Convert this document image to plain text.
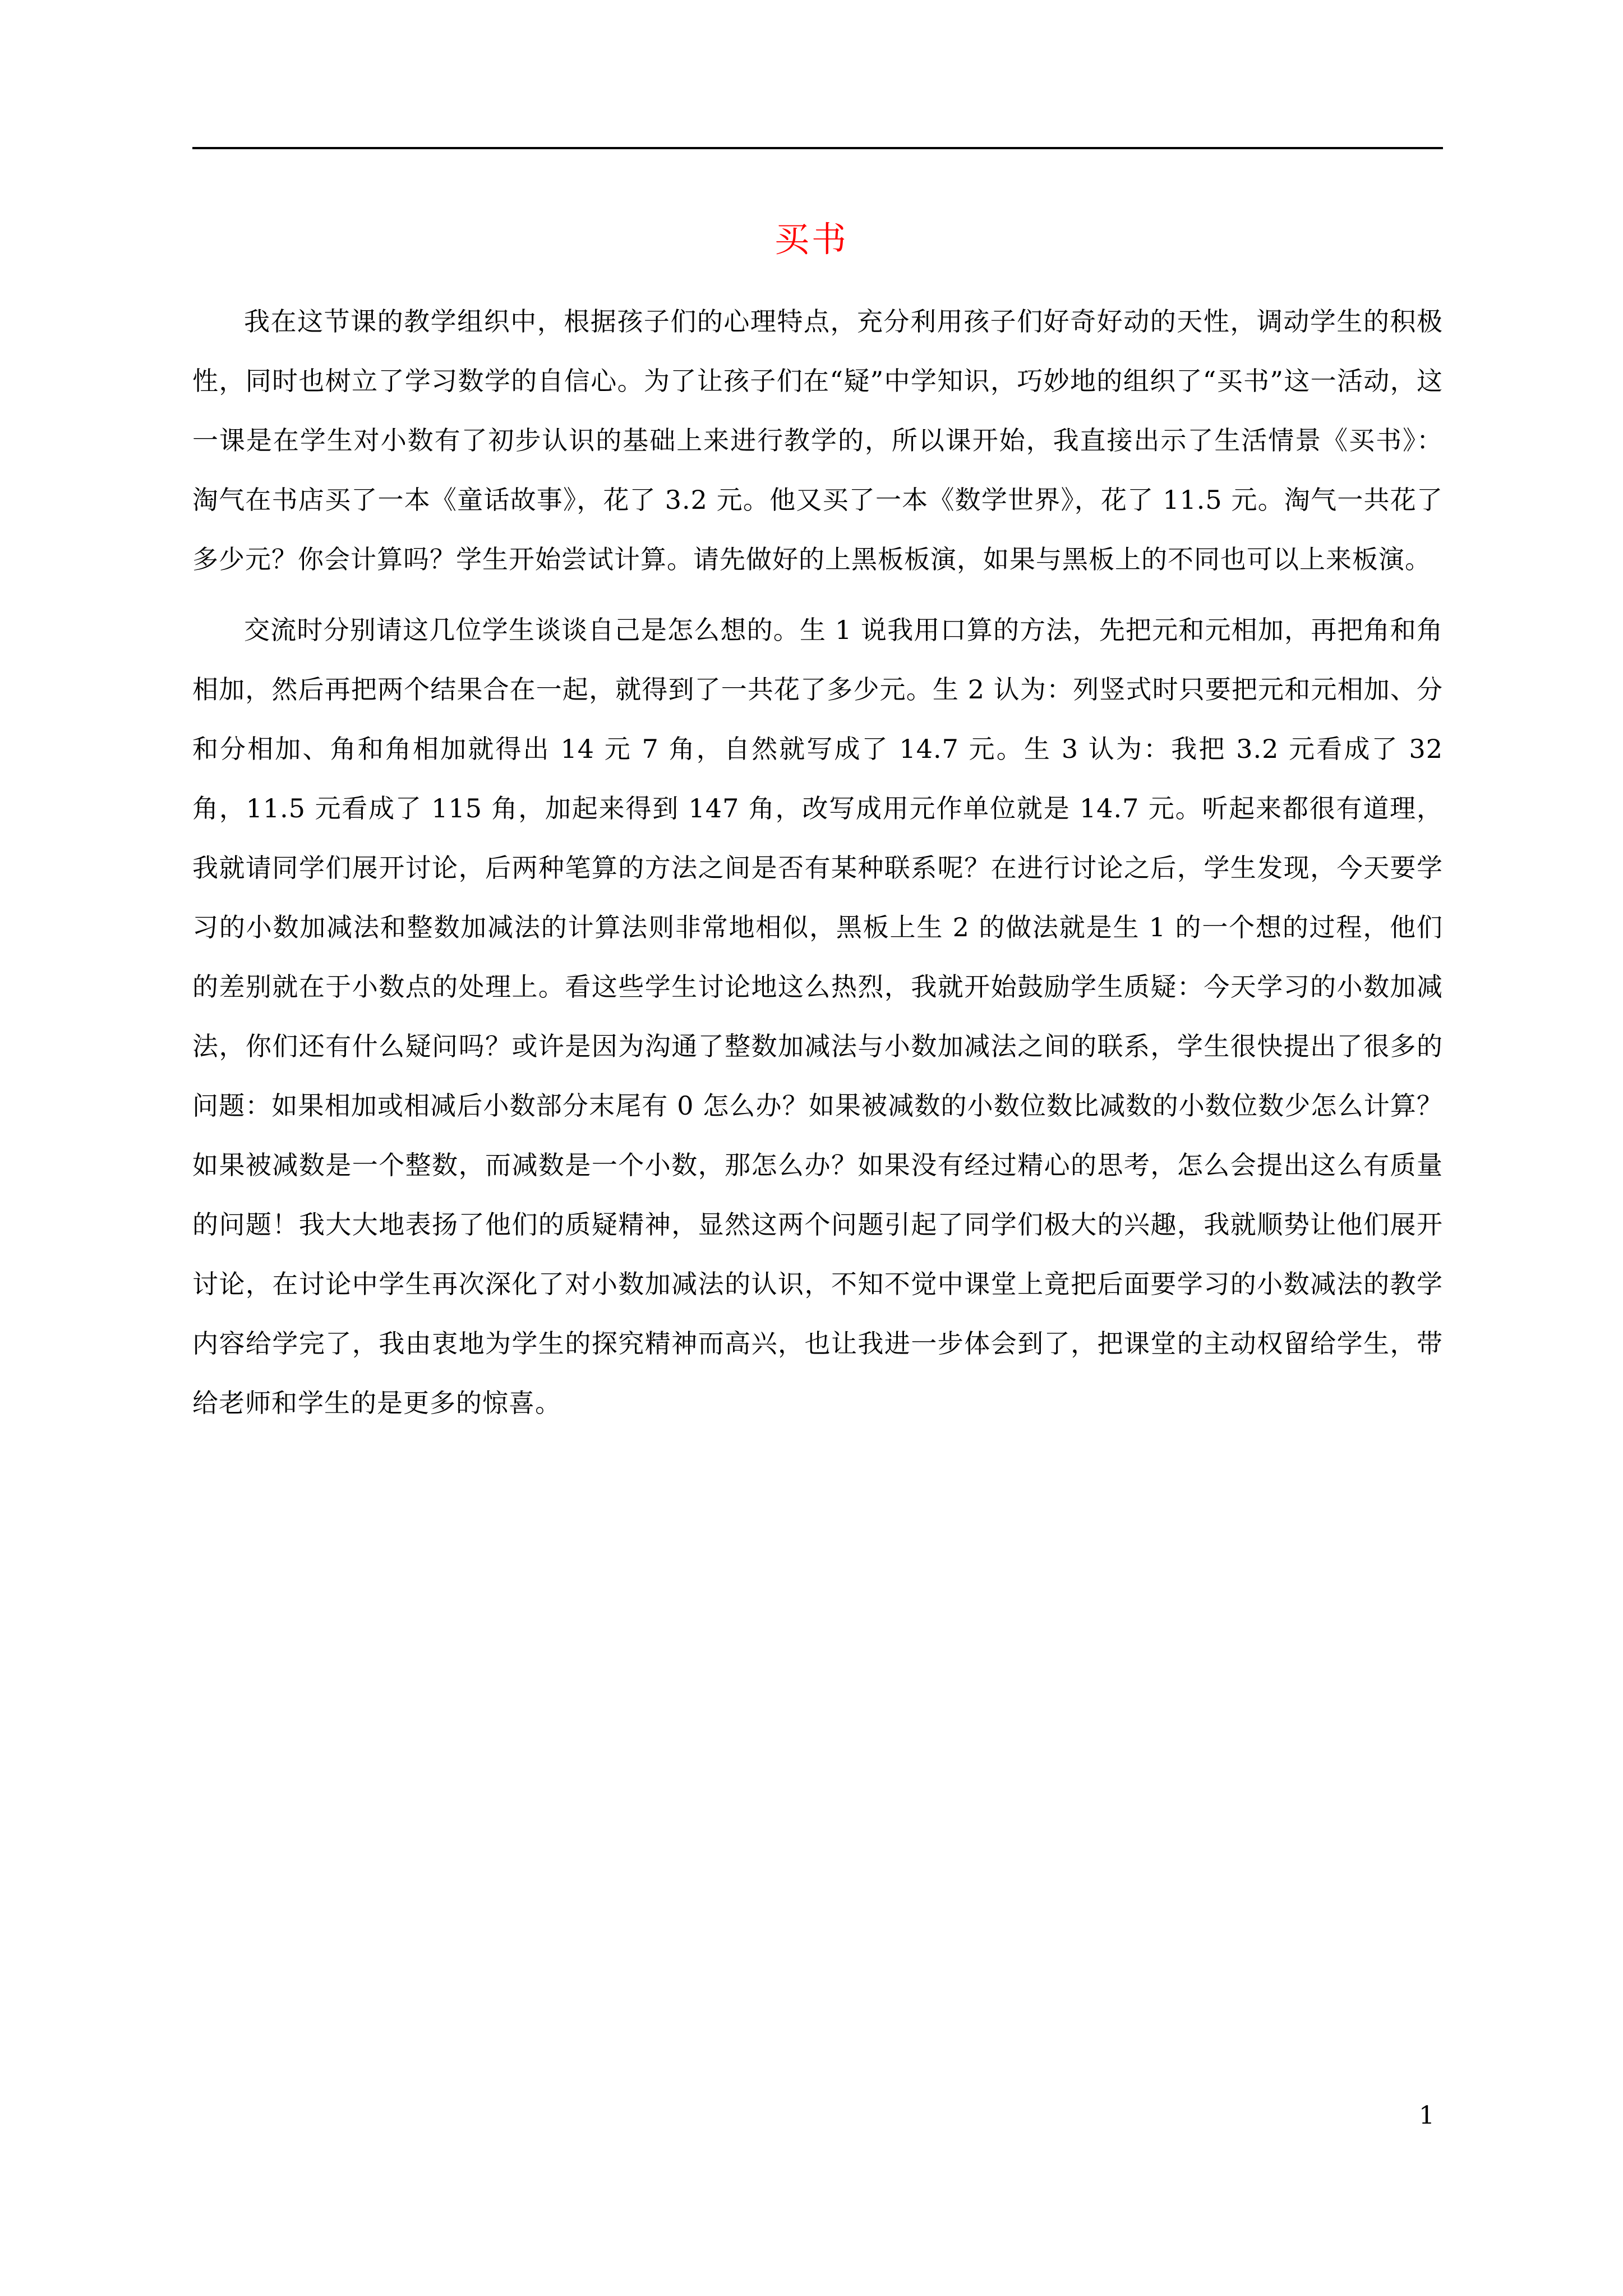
买书

我在这节课的教学组织中，根据孩子们的心理特点，充分利用孩子们好奇好动的天性，调动学生的积极性，同时也树立了学习数学的自信心。为了让孩子们在“疑”中学知识，巧妙地的组织了“买书”这一活动，这一课是在学生对小数有了初步认识的基础上来进行教学的，所以课开始，我直接出示了生活情景《买书》：淘气在书店买了一本《童话故事》，花了 3.2 元。他又买了一本《数学世界》，花了 11.5 元。淘气一共花了多少元？你会计算吗？学生开始尝试计算。请先做好的上黑板板演，如果与黑板上的不同也可以上来板演。

交流时分别请这几位学生谈谈自己是怎么想的。生 1 说我用口算的方法，先把元和元相加，再把角和角相加，然后再把两个结果合在一起，就得到了一共花了多少元。生 2 认为：列竖式时只要把元和元相加、分和分相加、角和角相加就得出 14 元 7 角，自然就写成了 14.7 元。生 3 认为：我把 3.2 元看成了 32 角，11.5 元看成了 115 角，加起来得到 147 角，改写成用元作单位就是 14.7 元。听起来都很有道理，我就请同学们展开讨论，后两种笔算的方法之间是否有某种联系呢？在进行讨论之后，学生发现，今天要学习的小数加减法和整数加减法的计算法则非常地相似，黑板上生 2 的做法就是生 1 的一个想的过程，他们的差别就在于小数点的处理上。看这些学生讨论地这么热烈，我就开始鼓励学生质疑：今天学习的小数加减法，你们还有什么疑问吗？或许是因为沟通了整数加减法与小数加减法之间的联系，学生很快提出了很多的问题：如果相加或相减后小数部分末尾有 0 怎么办？如果被减数的小数位数比减数的小数位数少怎么计算？如果被减数是一个整数，而减数是一个小数，那怎么办？如果没有经过精心的思考，怎么会提出这么有质量的问题！我大大地表扬了他们的质疑精神，显然这两个问题引起了同学们极大的兴趣，我就顺势让他们展开讨论，在讨论中学生再次深化了对小数加减法的认识，不知不觉中课堂上竟把后面要学习的小数减法的教学内容给学完了，我由衷地为学生的探究精神而高兴，也让我进一步体会到了，把课堂的主动权留给学生，带给老师和学生的是更多的惊喜。

1
